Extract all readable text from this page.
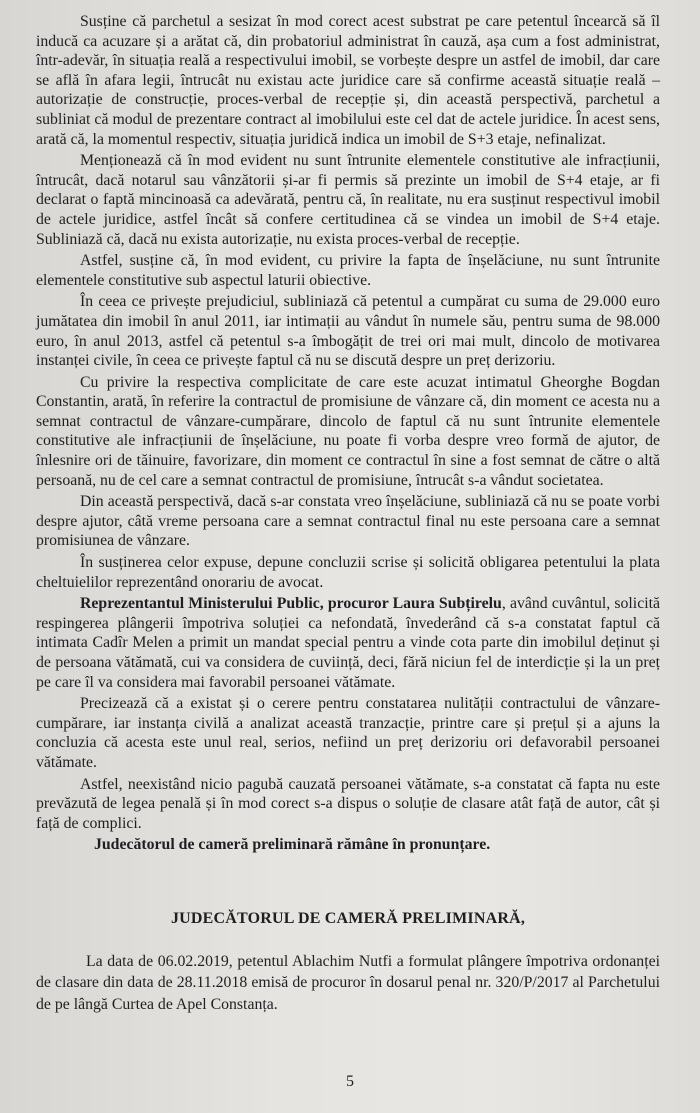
Susține că parchetul a sesizat în mod corect acest substrat pe care petentul încearcă să îl inducă ca acuzare și a arătat că, din probatoriul administrat în cauză, așa cum a fost administrat, într-adevăr, în situația reală a respectivului imobil, se vorbește despre un astfel de imobil, dar care se află în afara legii, întrucât nu existau acte juridice care să confirme această situație reală – autorizație de construcție, proces-verbal de recepție și, din această perspectivă, parchetul a subliniat că modul de prezentare contract al imobilului este cel dat de actele juridice. În acest sens, arată că, la momentul respectiv, situația juridică indica un imobil de S+3 etaje, nefinalizat.

Menționează că în mod evident nu sunt întrunite elementele constitutive ale infracțiunii, întrucât, dacă notarul sau vânzătorii și-ar fi permis să prezinte un imobil de S+4 etaje, ar fi declarat o faptă mincinoasă ca adevărată, pentru că, în realitate, nu era susținut respectivul imobil de actele juridice, astfel încât să confere certitudinea că se vindea un imobil de S+4 etaje. Subliniază că, dacă nu exista autorizație, nu exista proces-verbal de recepție.

Astfel, susține că, în mod evident, cu privire la fapta de înșelăciune, nu sunt întrunite elementele constitutive sub aspectul laturii obiective.

În ceea ce privește prejudiciul, subliniază că petentul a cumpărat cu suma de 29.000 euro jumătatea din imobil în anul 2011, iar intimații au vândut în numele său, pentru suma de 98.000 euro, în anul 2013, astfel că petentul s-a îmbogățit de trei ori mai mult, dincolo de motivarea instanței civile, în ceea ce privește faptul că nu se discută despre un preț derizoriu.

Cu privire la respectiva complicitate de care este acuzat intimatul Gheorghe Bogdan Constantin, arată, în referire la contractul de promisiune de vânzare că, din moment ce acesta nu a semnat contractul de vânzare-cumpărare, dincolo de faptul că nu sunt întrunite elementele constitutive ale infracțiunii de înșelăciune, nu poate fi vorba despre vreo formă de ajutor, de înlesnire ori de tăinuire, favorizare, din moment ce contractul în sine a fost semnat de către o altă persoană, nu de cel care a semnat contractul de promisiune, întrucât s-a vândut societatea.

Din această perspectivă, dacă s-ar constata vreo înșelăciune, subliniază că nu se poate vorbi despre ajutor, câtă vreme persoana care a semnat contractul final nu este persoana care a semnat promisiunea de vânzare.

În susținerea celor expuse, depune concluzii scrise și solicită obligarea petentului la plata cheltuielilor reprezentând onorariu de avocat.

Reprezentantul Ministerului Public, procuror Laura Subțirelu, având cuvântul, solicită respingerea plângerii împotriva soluției ca nefondată, învederând că s-a constatat faptul că intimata Cadîr Melen a primit un mandat special pentru a vinde cota parte din imobilul deținut și de persoana vătămată, cui va considera de cuviință, deci, fără niciun fel de interdicție și la un preț pe care îl va considera mai favorabil persoanei vătămate.

Precizează că a existat și o cerere pentru constatarea nulității contractului de vânzare-cumpărare, iar instanța civilă a analizat această tranzacție, printre care și prețul și a ajuns la concluzia că acesta este unul real, serios, nefiind un preț derizoriu ori defavorabil persoanei vătămate.

Astfel, neexistând nicio pagubă cauzată persoanei vătămate, s-a constatat că fapta nu este prevăzută de legea penală și în mod corect s-a dispus o soluție de clasare atât față de autor, cât și față de complici.

Judecătorul de cameră preliminară rămâne în pronunțare.

JUDECĂTORUL DE CAMERĂ PRELIMINARĂ,

La data de 06.02.2019, petentul Ablachim Nutfi a formulat plângere împotriva ordonanței de clasare din data de 28.11.2018 emisă de procuror în dosarul penal nr. 320/P/2017 al Parchetului de pe lângă Curtea de Apel Constanța.

5
